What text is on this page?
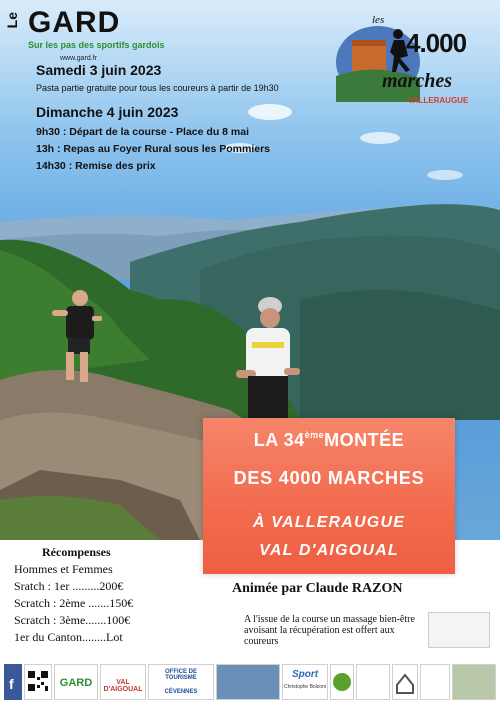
Le GARD
Sur les pas des sportifs gardois
www.gard.fr
les
4.000
marches
VALLERAUGUE
Samedi 3 juin 2023
Pasta partie gratuite pour tous les coureurs à partir de 19h30
Dimanche 4 juin 2023
9h30 : Départ de la course - Place du 8 mai
13h : Repas au Foyer Rural sous les Pommiers
14h30 : Remise des prix
LA 34èmeMONTÉE
DES 4000 MARCHES
À VALLERAUGUE
VAL D'AIGOUAL
Récompenses
Hommes et Femmes
Sratch : 1er .........200€
Scratch : 2ème .......150€
Scratch : 3ème.......100€
1er du Canton........Lot
Animée par Claude RAZON
A l'issue de la course un massage bien-être avoisant la récupération est offert aux coureurs
f	GARD	VAL D'AIGOUAL
OFFICE DE TOURISME
CÉVENNES
Sport
Christophe Bolzoni
